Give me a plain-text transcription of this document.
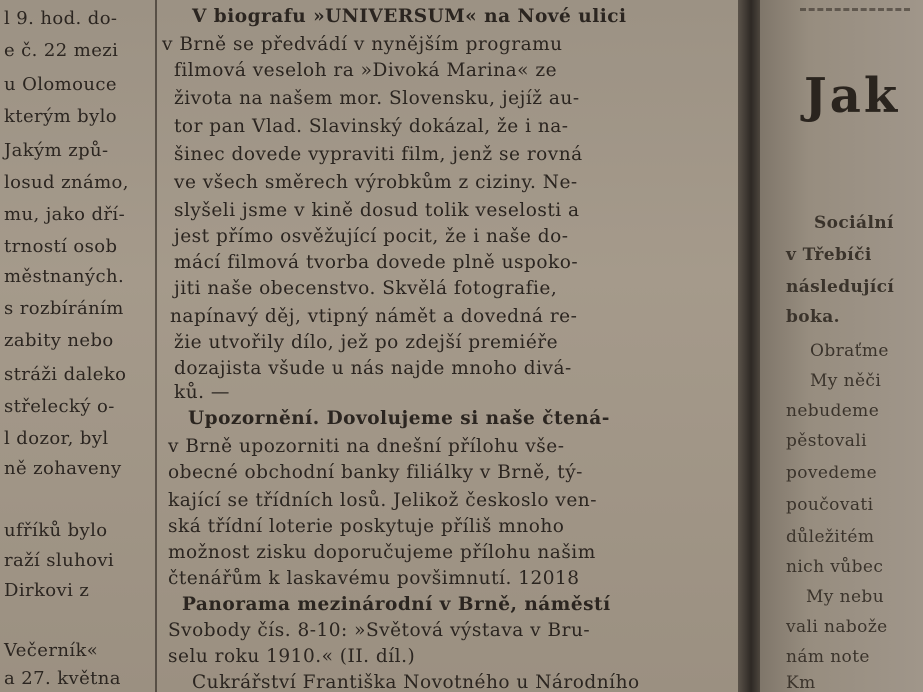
l 9. hod. do-
e č. 22 mezi
u Olomouce
kterým bylo
Jakým způ-
losud známo,
mu, jako dří-
trností osob
městnaných.
s rozbíráním
zabity nebo
stráži daleko
střelecký o-
l dozor, byl
ně zohaveny
ufříků bylo
raží sluhovi
Dirkovi z
Večerník«
a 27. května
V biografu »UNIVERSUM« na Nové ulici
v Brně se předvádí v nynějším programu
filmová veseloh ra »Divoká Marina« ze
života na našem mor. Slovensku, jejíž au-
tor pan Vlad. Slavinský dokázal, že i na-
šinec dovede vypraviti film, jenž se rovná
ve všech směrech výrobkům z ciziny. Ne-
slyšeli jsme v kině dosud tolik veselosti a
jest přímo osvěžující pocit, že i naše do-
mácí filmová tvorba dovede plně uspoko-
jiti naše obecenstvo. Skvělá fotografie,
napínavý děj, vtipný námět a dovedná re-
žie utvořily dílo, jež po zdejší premiéře
dozajista všude u nás najde mnoho divá-
ků. —
Upozornění. Dovolujeme si naše čtená-
v Brně upozorniti na dnešní přílohu vše-
obecné obchodní banky filiálky v Brně, tý-
kající se třídních losů. Jelikož českoslo ven-
ská třídní loterie poskytuje příliš mnoho
možnost zisku doporučujeme přílohu našim
čtenářům k laskavému povšimnutí. 12018
Panorama mezinárodní v Brně, náměstí
Svobody čís. 8-10: »Světová výstava v Bru-
selu roku 1910.« (II. díl.)
Cukrářství Františka Novotného u Národního
Jak
Sociální
v Třebíči
následující
boka.
Obraťme
My něči
nebudeme
pěstovali
povedeme
poučovati
důležitém
nich vůbec
My nebu
vali nabože
nám note
Km
